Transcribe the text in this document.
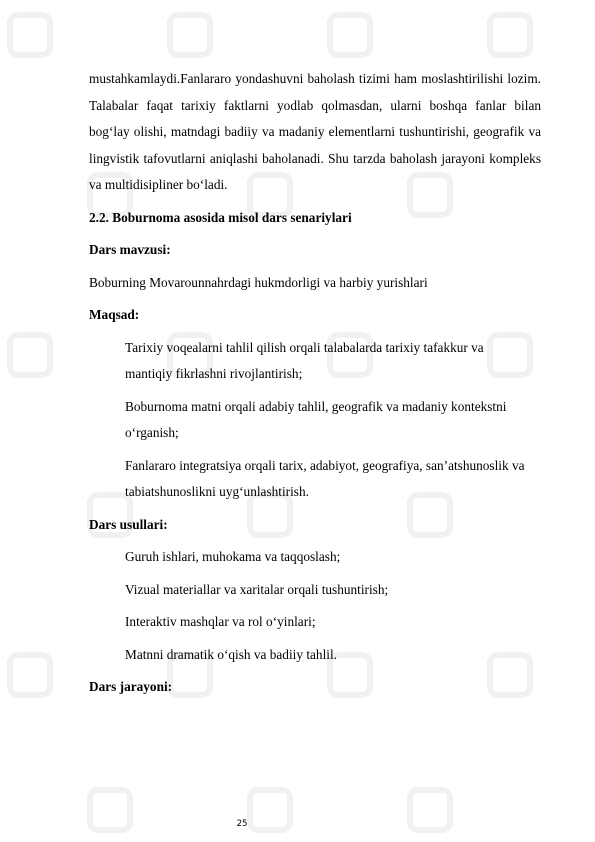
mustahkamlaydi.Fanlararo yondashuvni baholash tizimi ham moslashtirilishi lozim. Talabalar faqat tarixiy faktlarni yodlab qolmasdan, ularni boshqa fanlar bilan bog‘lay olishi, matndagi badiiy va madaniy elementlarni tushuntirishi, geografik va lingvistik tafovutlarni aniqlashi baholanadi. Shu tarzda baholash jarayoni kompleks va multidisipliner bo‘ladi.

2.2. Boburnoma asosida misol dars senariylari
Dars mavzusi:
Boburning Movarounnahrdagi hukmdorligi va harbiy yurishlari
Maqsad:
Tarixiy voqealarni tahlil qilish orqali talabalarda tarixiy tafakkur va mantiqiy fikrlashni rivojlantirish;
Boburnoma matni orqali adabiy tahlil, geografik va madaniy kontekstni o‘rganish;
Fanlararo integratsiya orqali tarix, adabiyot, geografiya, san’atshunoslik va tabiatshunoslikni uyg‘unlashtirish.
Dars usullari:
Guruh ishlari, muhokama va taqqoslash;
Vizual materiallar va xaritalar orqali tushuntirish;
Interaktiv mashqlar va rol o‘yinlari;
Matnni dramatik o‘qish va badiiy tahlil.
Dars jarayoni:
25
